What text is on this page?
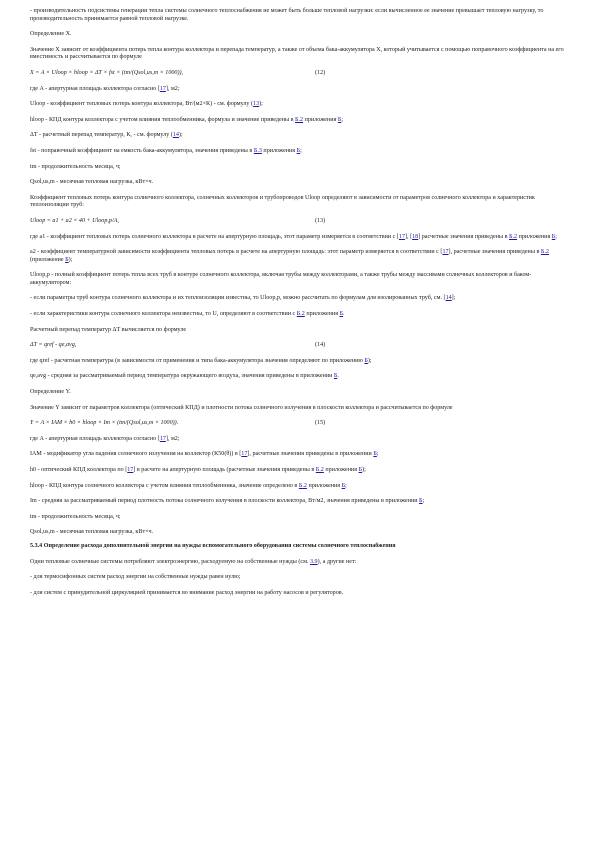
- производительность подсистемы генерации тепла системы солнечного теплоснабжения не может быть больше тепловой нагрузки: если вычисленное ее значение превышает тепловую нагрузку, то производительность принимается равной тепловой нагрузке.

Определение X.

Значение X зависит от коэффициента потерь тепла контура коллектора и перепада температур, а также от объема бака-аккумулятора X, который учитывается с помощью поправочного коэффициента на его вместимость и рассчитывается по формуле

X = A × Uloop × hloop × ΔT × fst × (tm/(Qsol,us,m × 1000)),	(12)

где A - апертурная площадь коллектора согласно [17], м2;

Uloop - коэффициент тепловых потерь контура коллектора, Вт/(м2×К) - см. формулу (13);

hloop - КПД контура коллектора с учетом влияния теплообменника, формула и значение приведены в Б.2 приложения Б;

ΔT - расчетный перепад температур, К, - см. формулу (14);

fst - поправочный коэффициент на емкость бака-аккумулятора, значения приведены в Б.3 приложения Б;

tm - продолжительность месяца, ч;

Qsol,us,m - месячная тепловая нагрузка, кВт×ч.

Коэффициент тепловых потерь контура солнечного коллектора, солнечных коллекторов и трубопроводов Uloop определяют в зависимости от параметров солнечного коллектора и характеристик теплоизоляции труб:

Uloop = a1 + a2 × 40 + Uloop,p/A,	(13)

где a1 - коэффициент тепловых потерь солнечного коллектора в расчете на апертурную площадь, этот параметр измеряется в соответствии с [17], [18] расчетные значения приведены в Б.2 приложения Б;

a2 - коэффициент температурной зависимости коэффициента тепловых потерь в расчете на апертурную площадь: этот параметр измеряется в соответствии с [17], расчетные значения приведены в Б.2 (приложение Б);

Uloop,p - полный коэффициент потерь тепла всех труб в контуре солнечного коллектора, включая трубы между коллекторами, а также трубы между массивами солнечных коллекторов и баком-аккумулятором:

- если параметры труб контура солнечного коллектора и их теплоизоляции известны, то Uloop,p, можно рассчитать по формулам для изолированных труб, см. [14];

- если характеристики контура солнечного коллектора неизвестны, то U, определяют в соответствии с Б.2 приложения Б.

Расчетный перепад температур ΔT вычисляется по формуле

ΔT = qref - qe,avg,	(14)

где qref - расчетная температура (в зависимости от применения и типа бака-аккумулятора значения определяют по приложению Б);

qe,avg - средняя за рассматриваемый период температура окружающего воздуха, значения приведены в приложении Б.

Определение Y.

Значение Y зависит от параметров коллектора (оптический КПД) и плотности потока солнечного излучения в плоскости коллектора и рассчитывается по формуле

Y = A × IAM × h0 × hloop × Im × (tm/(Qsol,us,m × 1000)).	(15)

где A - апертурная площадь коллектора согласно [17], м2;

IAM - модификатор угла падения солнечного излучения на коллектор (К50(θ)) в [17], расчетные значения приведены в приложении Б;

h0 - оптический КПД коллектора по [17] в расчете на апертурную площадь (расчетные значения приведены в Б.2 приложения Б);

hloop - КПД контура солнечного коллектора с учетом влияния теплообменника, значение определено в Б.2 приложения Б;

Im - средняя за рассматриваемый период плотность потока солнечного излучения в плоскости коллектора, Вт/м2, значения приведены в приложении Б;

tm - продолжительность месяца, ч;

Qsol,us,m - месячная тепловая нагрузка, кВт×ч.

5.3.4 Определение расхода дополнительной энергии на нужды вспомогательного оборудования системы солнечного теплоснабжения

Одни тепловые солнечные системы потребляют электроэнергию, расходуемую на собственные нужды (см. 3.9), а другие нет:

- для термосифонных систем расход энергии на собственные нужды равен нулю;

- для систем с принудительной циркуляцией принимается во внимание расход энергии на работу насосов и регуляторов.
